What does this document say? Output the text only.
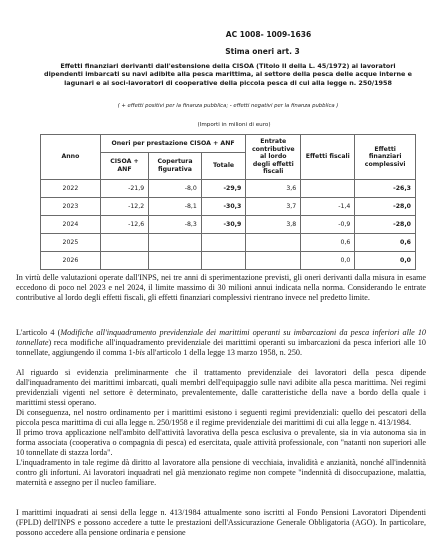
AC 1008- 1009-1636
Stima oneri art. 3
Effetti finanziari derivanti dall'estensione della CISOA (Titolo II della L. 45/1972) ai lavoratori dipendenti imbarcati su navi adibite alla pesca marittima, al settore della pesca delle acque interne e lagunari e ai soci-lavoratori di cooperative della piccola pesca di cui alla legge n. 250/1958
( + effetti positivi per la finanza pubblica; - effetti negativi per la finanza pubblica )
(Importi in milioni di euro)
Anno	Oneri per prestazione CISOA + ANF			Entrate contributive al lordo degli effetti fiscali	Effetti fiscali	Effetti finanziari complessivi
	CISOA + ANF	Copertura figurativa	Totale			
2022	-21,9	-8,0	-29,9	3,6		-26,3
2023	-12,2	-8,1	-30,3	3,7	-1,4	-28,0
2024	-12,6	-8,3	-30,9	3,8	-0,9	-28,0
2025					0,6	0,6
2026					0,0	0,0

In virtù delle valutazioni operate dall'INPS, nei tre anni di sperimentazione previsti, gli oneri derivanti dalla misura in esame eccedono di poco nel 2023 e nel 2024, il limite massimo di 30 milioni annui indicata nella norma. Considerando le entrate contributive al lordo degli effetti fiscali, gli effetti finanziari complessivi rientrano invece nel predetto limite.

L'articolo 4 (Modifiche all'inquadramento previdenziale dei marittimi operanti su imbarcazioni da pesca inferiori alle 10 tonnellate) reca modifiche all'inquadramento previdenziale dei marittimi operanti su imbarcazioni da pesca inferiori alle 10 tonnellate, aggiungendo il comma 1-bis all'articolo 1 della legge 13 marzo 1958, n. 250.

Al riguardo si evidenzia preliminarmente che il trattamento previdenziale dei lavoratori della pesca dipende dall'inquadramento dei marittimi imbarcati, quali membri dell'equipaggio sulle navi adibite alla pesca marittima. Nei regimi previdenziali vigenti nel settore è determinato, prevalentemente, dalle caratteristiche della nave a bordo della quale i marittimi stessi operano.

Di conseguenza, nel nostro ordinamento per i marittimi esistono i seguenti regimi previdenziali: quello dei pescatori della piccola pesca marittima di cui alla legge n. 250/1958 e il regime previdenziale dei marittimi di cui alla legge n. 413/1984.

Il primo trova applicazione nell'ambito dell'attività lavorativa della pesca esclusiva o prevalente, sia in via autonoma sia in forma associata (cooperativa o compagnia di pesca) ed esercitata, quale attività professionale, con "natanti non superiori alle 10 tonnellate di stazza lorda".

L'inquadramento in tale regime dà diritto al lavoratore alla pensione di vecchiaia, invalidità e anzianità, nonché all'indennità contro gli infortuni. Ai lavoratori inquadrati nel già menzionato regime non compete "indennità di disoccupazione, malattia, maternità e assegno per il nucleo familiare.

I marittimi inquadrati ai sensi della legge n. 413/1984 attualmente sono iscritti al Fondo Pensioni Lavoratori Dipendenti (FPLD) dell'INPS e possono accedere a tutte le prestazioni dell'Assicurazione Generale Obbligatoria (AGO). In particolare, possono accedere alla pensione ordinaria e pensione
